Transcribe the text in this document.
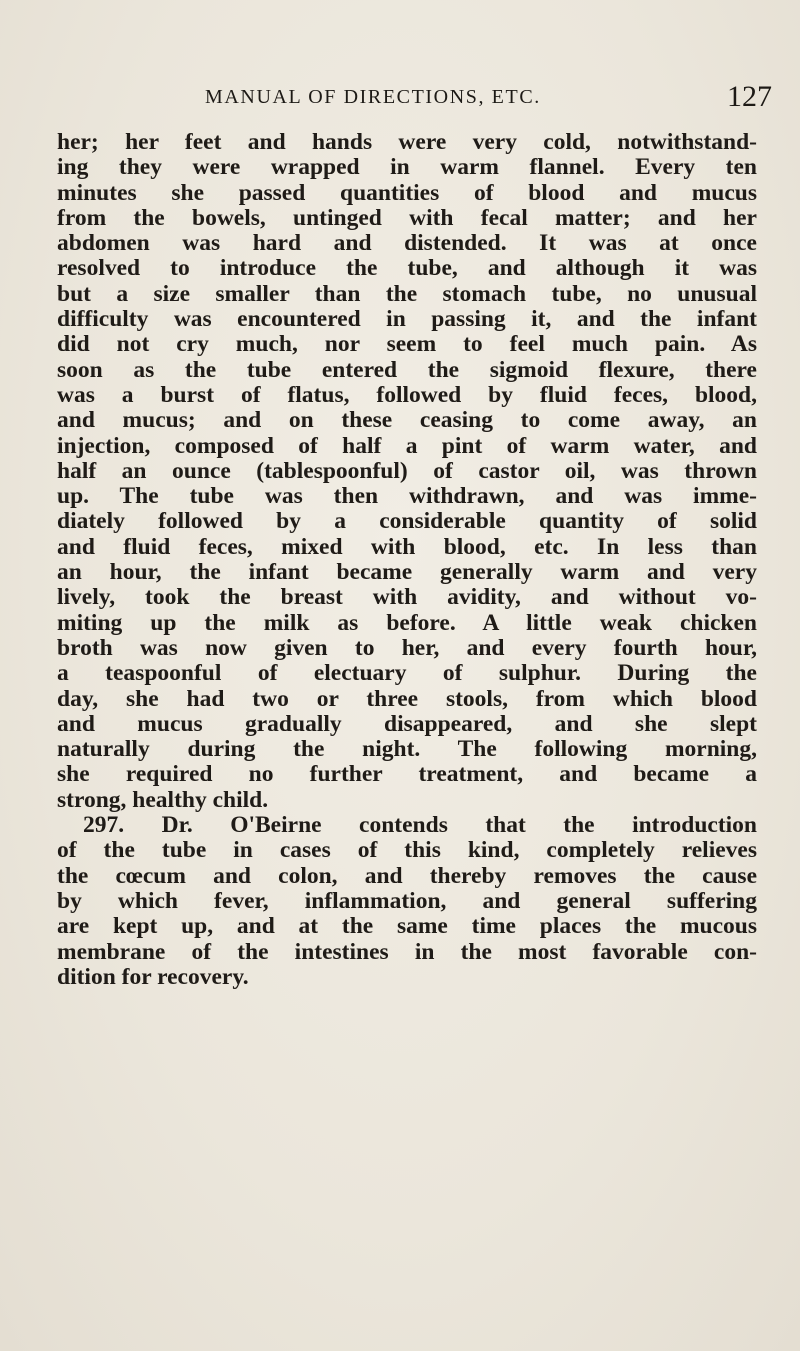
MANUAL OF DIRECTIONS, ETC.	127
her; her feet and hands were very cold, notwithstand-
ing they were wrapped in warm flannel. Every ten
minutes she passed quantities of blood and mucus
from the bowels, untinged with fecal matter; and her
abdomen was hard and distended. It was at once
resolved to introduce the tube, and although it was
but a size smaller than the stomach tube, no unusual
difficulty was encountered in passing it, and the infant
did not cry much, nor seem to feel much pain. As
soon as the tube entered the sigmoid flexure, there
was a burst of flatus, followed by fluid feces, blood,
and mucus; and on these ceasing to come away, an
injection, composed of half a pint of warm water, and
half an ounce (tablespoonful) of castor oil, was thrown
up. The tube was then withdrawn, and was imme-
diately followed by a considerable quantity of solid
and fluid feces, mixed with blood, etc. In less than
an hour, the infant became generally warm and very
lively, took the breast with avidity, and without vo-
miting up the milk as before. A little weak chicken
broth was now given to her, and every fourth hour,
a teaspoonful of electuary of sulphur. During the
day, she had two or three stools, from which blood
and mucus gradually disappeared, and she slept
naturally during the night. The following morning,
she required no further treatment, and became a
strong, healthy child.
297. Dr. O'Beirne contends that the introduction
of the tube in cases of this kind, completely relieves
the cœcum and colon, and thereby removes the cause
by which fever, inflammation, and general suffering
are kept up, and at the same time places the mucous
membrane of the intestines in the most favorable con-
dition for recovery.
